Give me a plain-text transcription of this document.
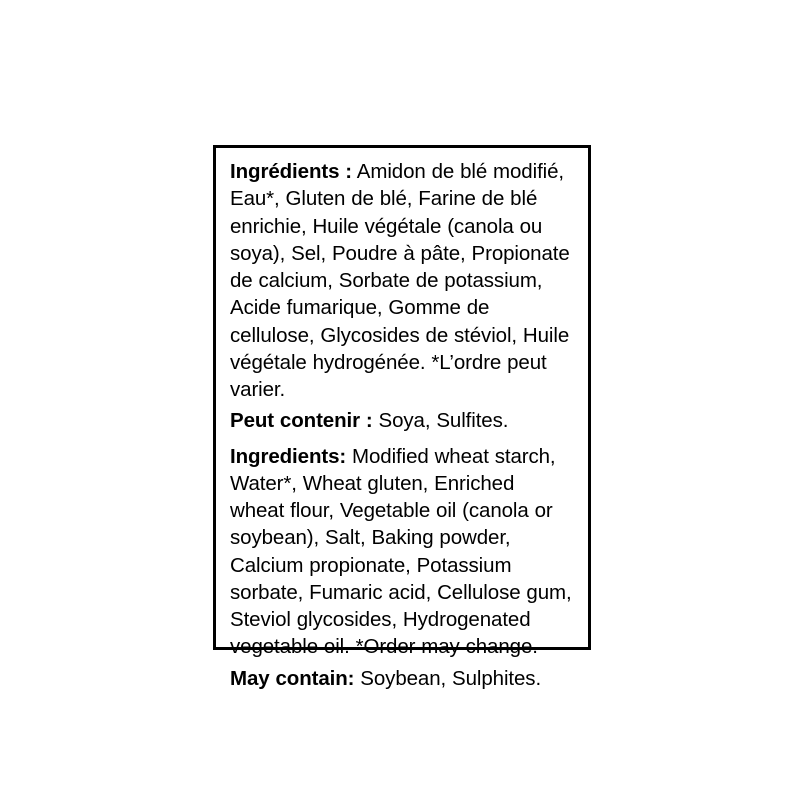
Ingrédients : Amidon de blé modifié, Eau*, Gluten de blé, Farine de blé enrichie, Huile végétale (canola ou soya), Sel, Poudre à pâte, Propionate de calcium, Sorbate de potassium, Acide fumarique, Gomme de cellulose, Glycosides de stéviol, Huile végétale hydrogénée. *L’ordre peut varier.

Peut contenir : Soya, Sulfites.

Ingredients: Modified wheat starch, Water*, Wheat gluten, Enriched wheat flour, Vegetable oil (canola or soybean), Salt, Baking powder, Calcium propionate, Potassium sorbate, Fumaric acid, Cellulose gum, Steviol glycosides, Hydrogenated vegetable oil. *Order may change.

May contain: Soybean, Sulphites.
